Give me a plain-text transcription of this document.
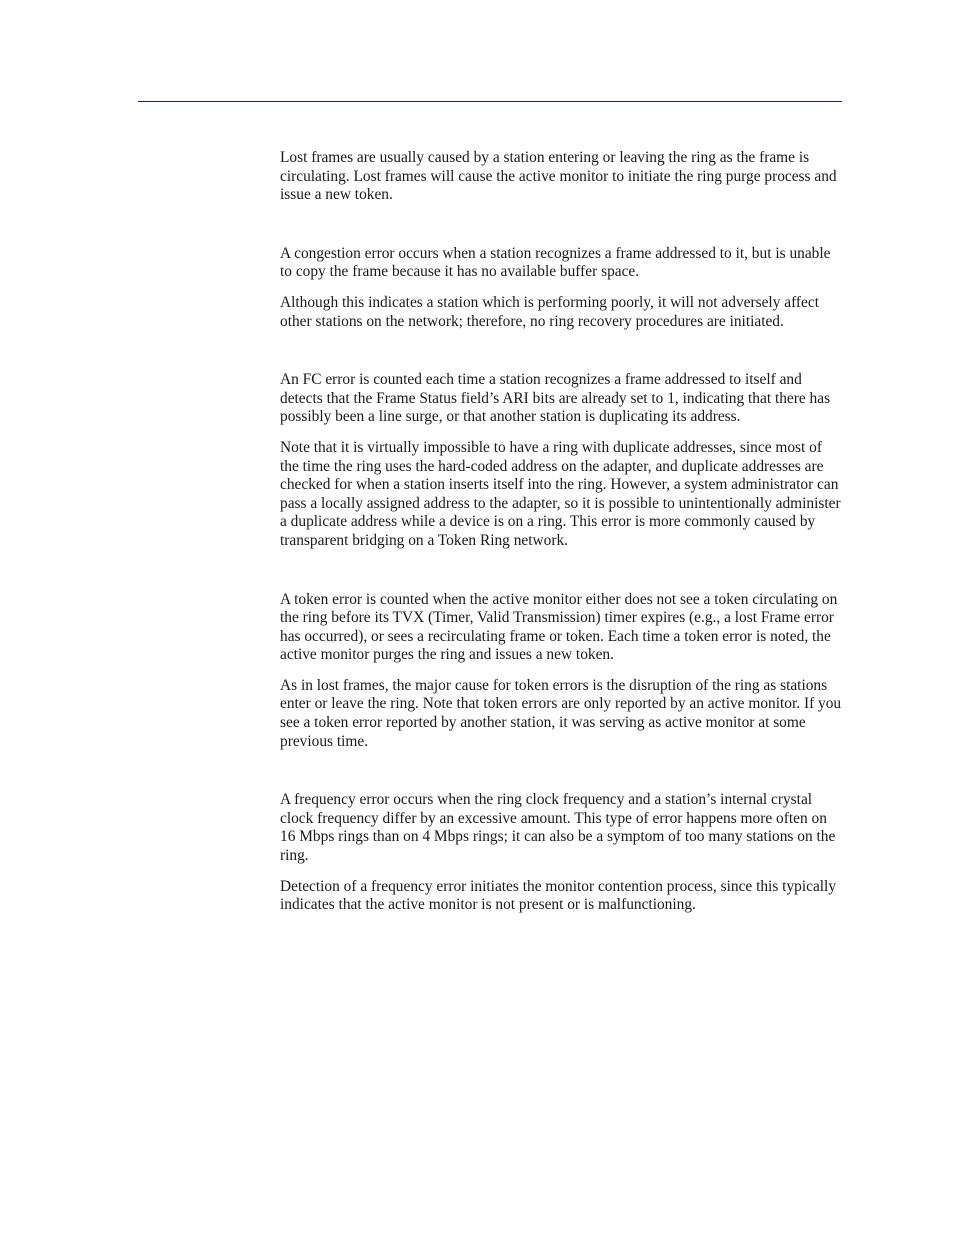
Lost frames are usually caused by a station entering or leaving the ring as the frame is circulating. Lost frames will cause the active monitor to initiate the ring purge process and issue a new token.

A congestion error occurs when a station recognizes a frame addressed to it, but is unable to copy the frame because it has no available buffer space.

Although this indicates a station which is performing poorly, it will not adversely affect other stations on the network; therefore, no ring recovery procedures are initiated.

An FC error is counted each time a station recognizes a frame addressed to itself and detects that the Frame Status field’s ARI bits are already set to 1, indicating that there has possibly been a line surge, or that another station is duplicating its address.

Note that it is virtually impossible to have a ring with duplicate addresses, since most of the time the ring uses the hard-coded address on the adapter, and duplicate addresses are checked for when a station inserts itself into the ring. However, a system administrator can pass a locally assigned address to the adapter, so it is possible to unintentionally administer a duplicate address while a device is on a ring. This error is more commonly caused by transparent bridging on a Token Ring network.

A token error is counted when the active monitor either does not see a token circulating on the ring before its TVX (Timer, Valid Transmission) timer expires (e.g., a lost Frame error has occurred), or sees a recirculating frame or token. Each time a token error is noted, the active monitor purges the ring and issues a new token.

As in lost frames, the major cause for token errors is the disruption of the ring as stations enter or leave the ring. Note that token errors are only reported by an active monitor. If you see a token error reported by another station, it was serving as active monitor at some previous time.

A frequency error occurs when the ring clock frequency and a station’s internal crystal clock frequency differ by an excessive amount. This type of error happens more often on 16 Mbps rings than on 4 Mbps rings; it can also be a symptom of too many stations on the ring.

Detection of a frequency error initiates the monitor contention process, since this typically indicates that the active monitor is not present or is malfunctioning.
